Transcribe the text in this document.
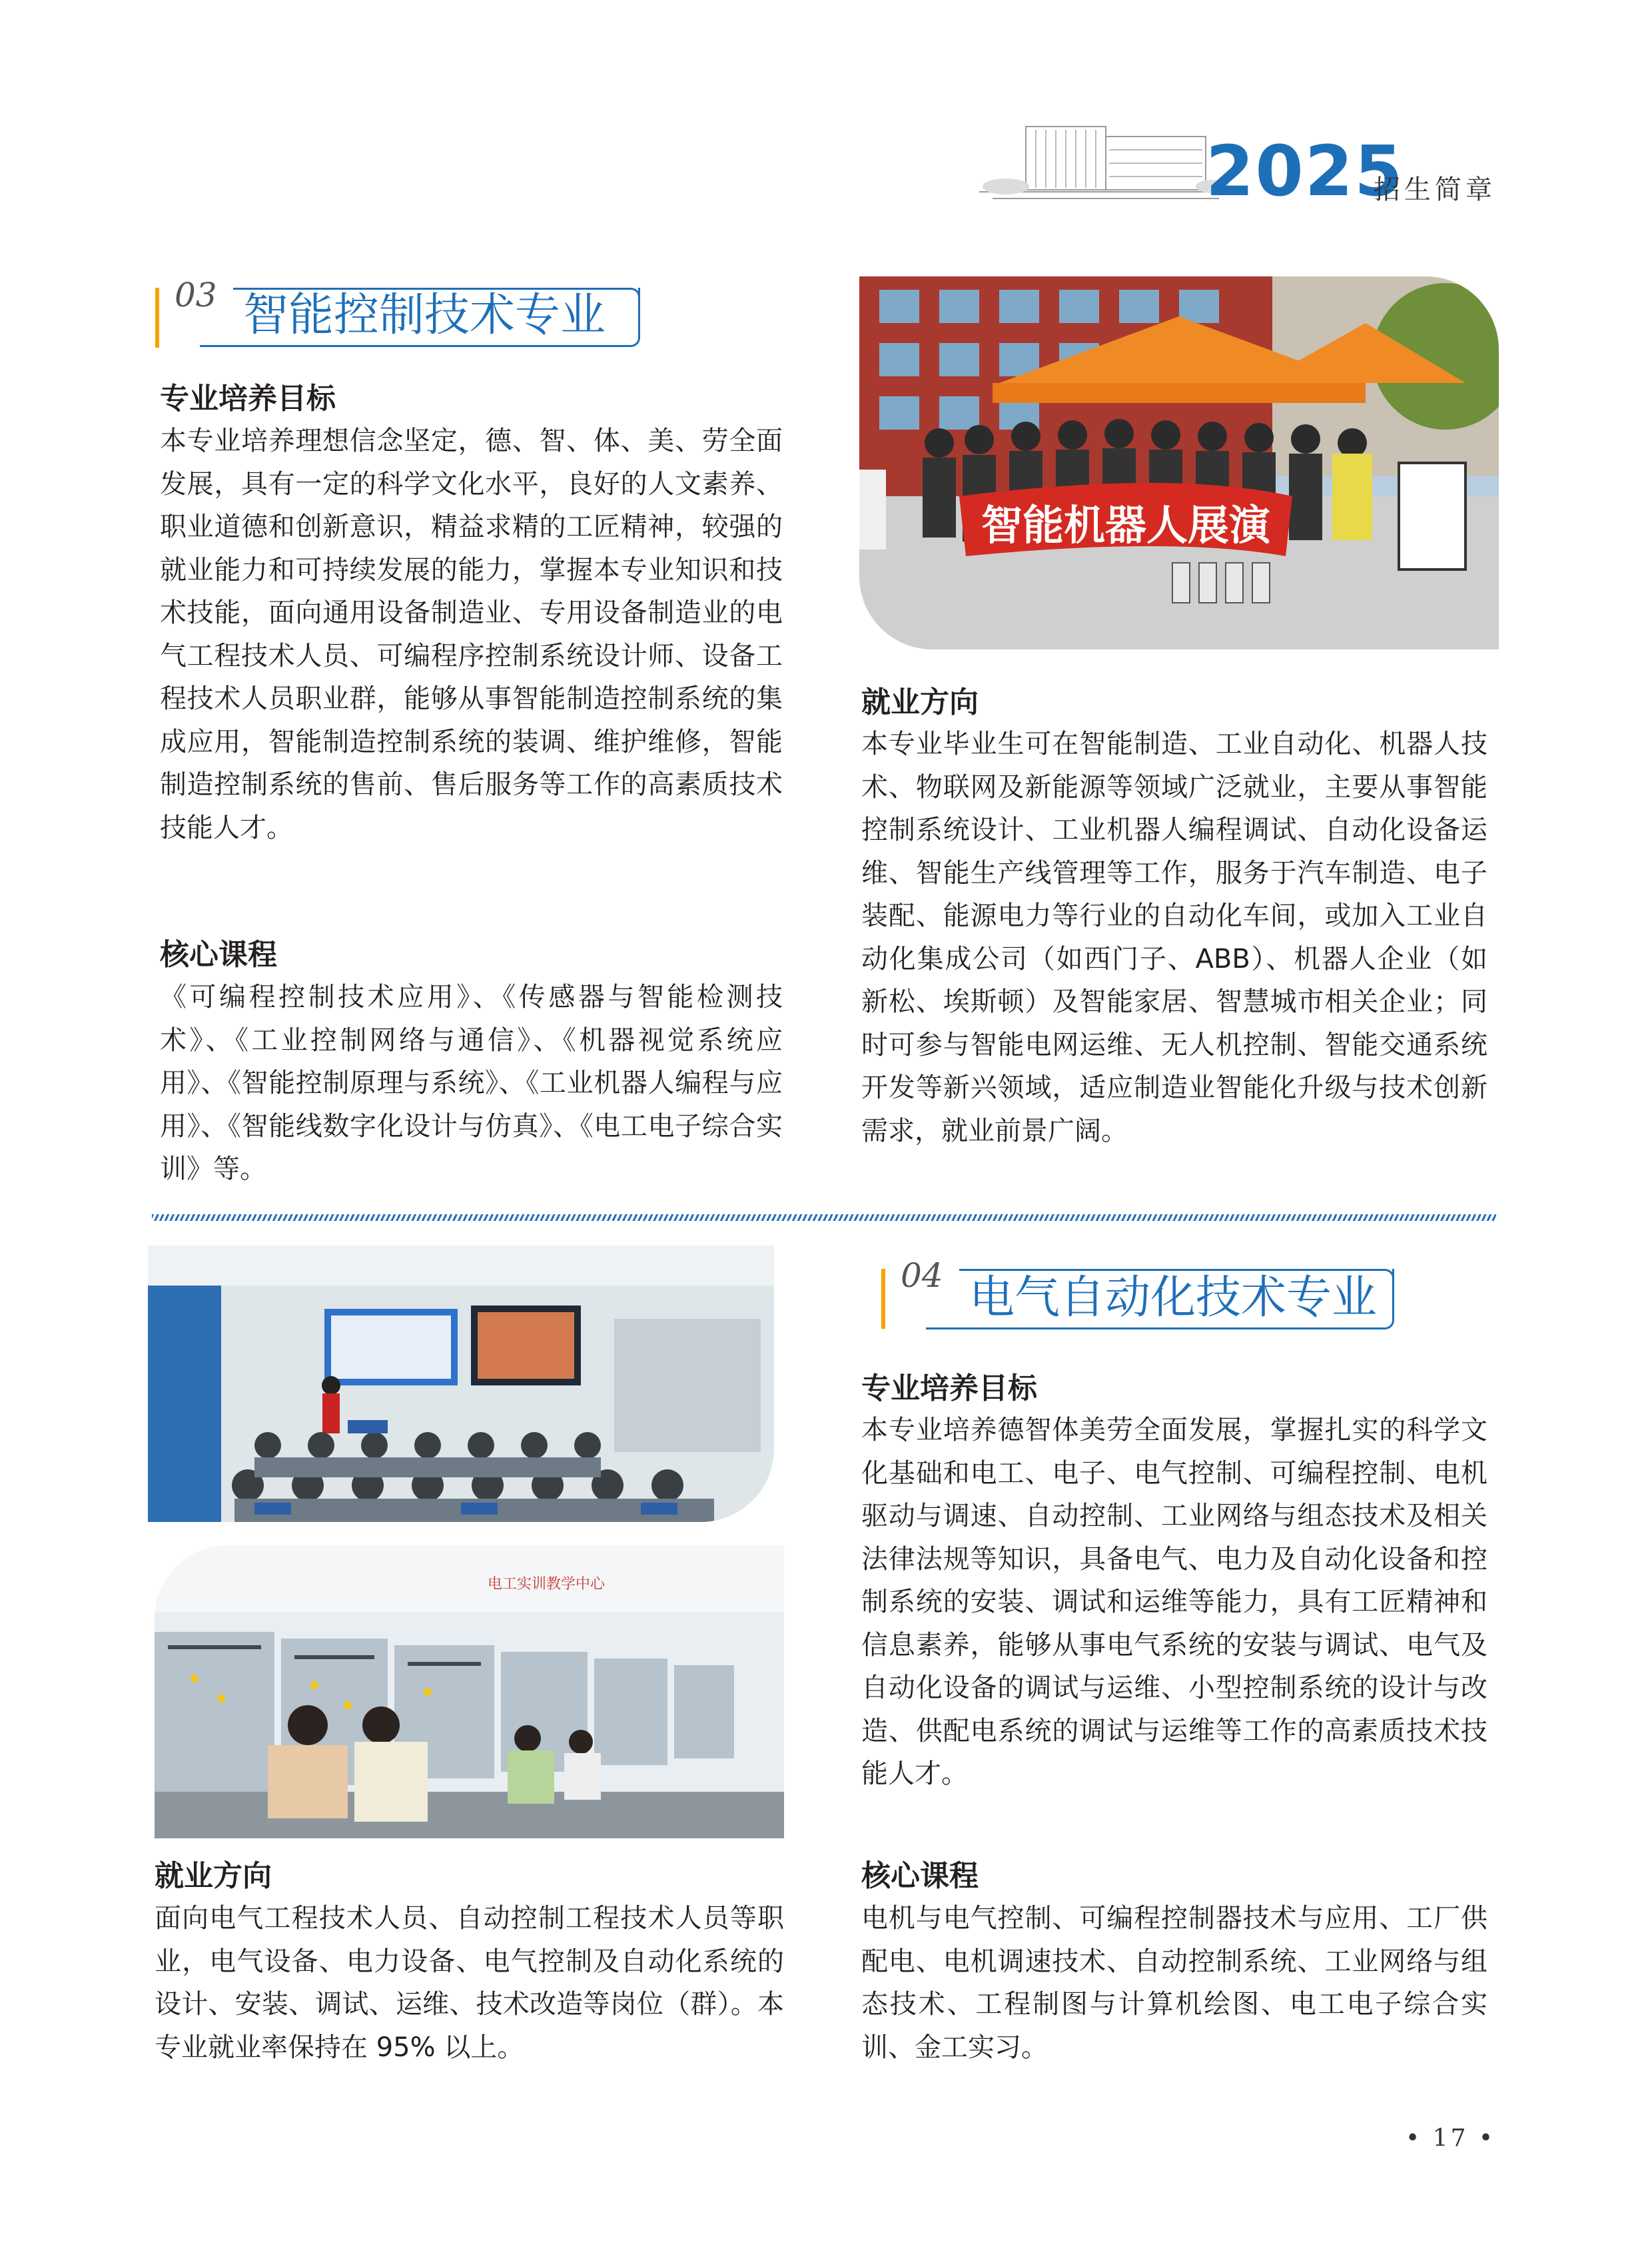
2025
招生简章
03 智能控制技术专业
专业培养目标
本专业培养理想信念坚定，德、智、体、美、劳全面发展，具有一定的科学文化水平，良好的人文素养、职业道德和创新意识，精益求精的工匠精神，较强的就业能力和可持续发展的能力，掌握本专业知识和技术技能，面向通用设备制造业、专用设备制造业的电气工程技术人员、可编程序控制系统设计师、设备工程技术人员职业群，能够从事智能制造控制系统的集成应用，智能制造控制系统的装调、维护维修，智能制造控制系统的售前、售后服务等工作的高素质技术技能人才。
核心课程
《可编程控制技术应用》、《传感器与智能检测技术》、《工业控制网络与通信》、《机器视觉系统应用》、《智能控制原理与系统》、《工业机器人编程与应用》、《智能线数字化设计与仿真》、《电工电子综合实训》等。
智能机器人展演
就业方向
本专业毕业生可在智能制造、工业自动化、机器人技术、物联网及新能源等领域广泛就业，主要从事智能控制系统设计、工业机器人编程调试、自动化设备运维、智能生产线管理等工作，服务于汽车制造、电子装配、能源电力等行业的自动化车间，或加入工业自动化集成公司（如西门子、ABB）、机器人企业（如新松、埃斯顿）及智能家居、智慧城市相关企业；同时可参与智能电网运维、无人机控制、智能交通系统开发等新兴领域，适应制造业智能化升级与技术创新需求，就业前景广阔。
电工实训教学中心
04 电气自动化技术专业
专业培养目标
本专业培养德智体美劳全面发展，掌握扎实的科学文化基础和电工、电子、电气控制、可编程控制、电机驱动与调速、自动控制、工业网络与组态技术及相关法律法规等知识，具备电气、电力及自动化设备和控制系统的安装、调试和运维等能力，具有工匠精神和信息素养，能够从事电气系统的安装与调试、电气及自动化设备的调试与运维、小型控制系统的设计与改造、供配电系统的调试与运维等工作的高素质技术技能人才。
核心课程
电机与电气控制、可编程控制器技术与应用、工厂供配电、电机调速技术、自动控制系统、工业网络与组态技术、工程制图与计算机绘图、电工电子综合实训、金工实习。
就业方向
面向电气工程技术人员、自动控制工程技术人员等职业，电气设备、电力设备、电气控制及自动化系统的设计、安装、调试、运维、技术改造等岗位（群）。本专业就业率保持在 95% 以上。
• 17 •
